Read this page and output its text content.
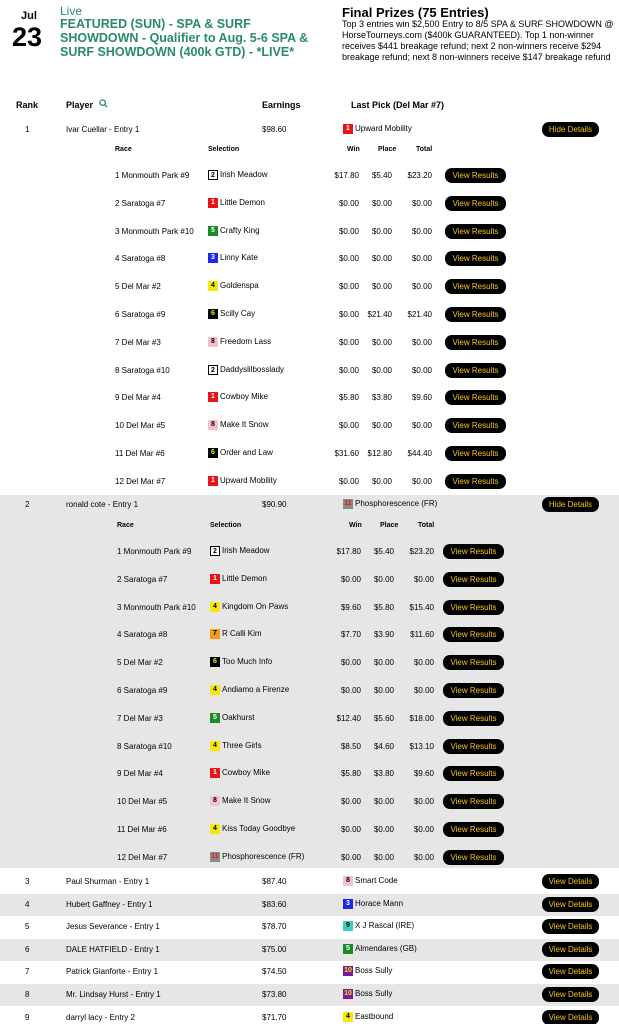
Jul
23
Live
FEATURED (SUN) - SPA & SURF SHOWDOWN - Qualifier to Aug. 5-6 SPA & SURF SHOWDOWN (400k GTD) - *LIVE*
Final Prizes (75 Entries)
Top 3 entries win $2,500 Entry to 8/5 SPA & SURF SHOWDOWN @ HorseTourneys.com ($400k GUARANTEED). Top 1 non-winner receives $441 breakage refund; next 2 non-winners receive $294 breakage refund; next 8 non-winners receive $147 breakage refund
Rank	Player	Earnings	Last Pick (Del Mar #7)
1	Ivar Cuellar - Entry 1	$98.60	1 Upward Mobility	Hide Details
Race	Selection	Win	Place	Total
1 Monmouth Park #9	2 Irish Meadow	$17.80	$5.40	$23.20	View Results
2 Saratoga #7	1 Little Demon	$0.00	$0.00	$0.00	View Results
3 Monmouth Park #10	5 Crafty King	$0.00	$0.00	$0.00	View Results
4 Saratoga #8	3 Linny Kate	$0.00	$0.00	$0.00	View Results
5 Del Mar #2	4 Goldenspa	$0.00	$0.00	$0.00	View Results
6 Saratoga #9	6 Scilly Cay	$0.00	$21.40	$21.40	View Results
7 Del Mar #3	8 Freedom Lass	$0.00	$0.00	$0.00	View Results
8 Saratoga #10	2 Daddyslilbosslady	$0.00	$0.00	$0.00	View Results
9 Del Mar #4	1 Cowboy Mike	$5.80	$3.80	$9.60	View Results
10 Del Mar #5	8 Make It Snow	$0.00	$0.00	$0.00	View Results
11 Del Mar #6	6 Order and Law	$31.60	$12.80	$44.40	View Results
12 Del Mar #7	1 Upward Mobility	$0.00	$0.00	$0.00	View Results
2	ronald cote - Entry 1	$90.90	11 Phosphorescence (FR)	Hide Details
Race	Selection	Win	Place	Total
1 Monmouth Park #9	2 Irish Meadow	$17.80	$5.40	$23.20	View Results
2 Saratoga #7	1 Little Demon	$0.00	$0.00	$0.00	View Results
3 Monmouth Park #10	4 Kingdom On Paws	$9.60	$5.80	$15.40	View Results
4 Saratoga #8	7 R Calli Kim	$7.70	$3.90	$11.60	View Results
5 Del Mar #2	6 Too Much Info	$0.00	$0.00	$0.00	View Results
6 Saratoga #9	4 Andiamo a Firenze	$0.00	$0.00	$0.00	View Results
7 Del Mar #3	5 Oakhurst	$12.40	$5.60	$18.00	View Results
8 Saratoga #10	4 Three Girls	$8.50	$4.60	$13.10	View Results
9 Del Mar #4	1 Cowboy Mike	$5.80	$3.80	$9.60	View Results
10 Del Mar #5	8 Make It Snow	$0.00	$0.00	$0.00	View Results
11 Del Mar #6	4 Kiss Today Goodbye	$0.00	$0.00	$0.00	View Results
12 Del Mar #7	11 Phosphorescence (FR)	$0.00	$0.00	$0.00	View Results
3	Paul Shurman - Entry 1	$87.40	8 Smart Code	View Details
4	Hubert Gaffney - Entry 1	$83.60	3 Horace Mann	View Details
5	Jesus Severance - Entry 1	$78.70	9 X J Rascal (IRE)	View Details
6	DALE HATFIELD - Entry 1	$75.00	5 Almendares (GB)	View Details
7	Patrick Gianforte - Entry 1	$74.50	10 Boss Sully	View Details
8	Mr. Lindsay Hurst - Entry 1	$73.80	10 Boss Sully	View Details
9	darryl lacy - Entry 2	$71.70	4 Eastbound	View Details
